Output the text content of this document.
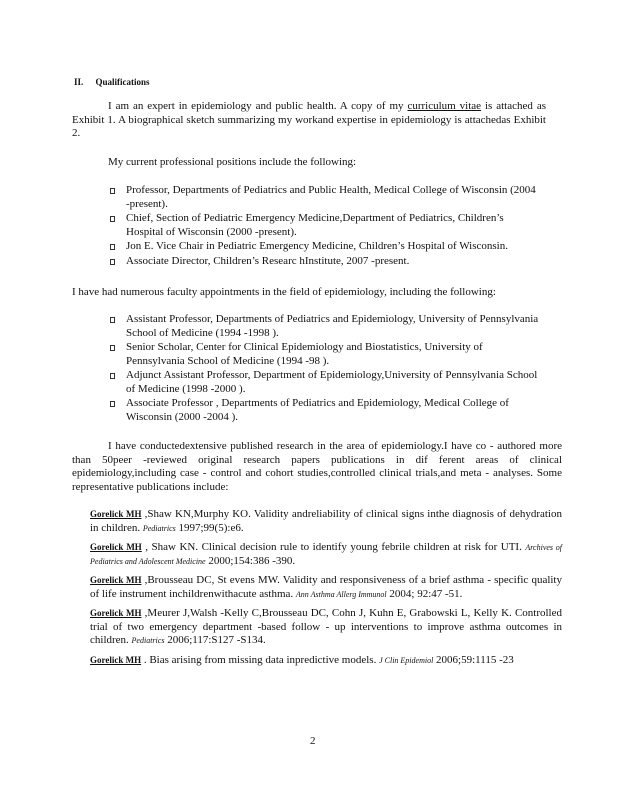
II. Qualifications
I am an expert in epidemiology and public health. A copy of my curriculum vitae is attached as Exhibit 1. A biographical sketch summarizing my workand expertise in epidemiology is attachedas Exhibit 2.
My current professional positions include the following:
Professor, Departments of Pediatrics and Public Health, Medical College of Wisconsin (2004 -present).
Chief, Section of Pediatric Emergency Medicine,Department of Pediatrics, Children’s Hospital of Wisconsin (2000 -present).
Jon E. Vice Chair in Pediatric Emergency Medicine, Children’s Hospital of Wisconsin.
Associate Director, Children’s Researc hInstitute, 2007 -present.
I have had numerous faculty appointments in the field of epidemiology, including the following:
Assistant Professor, Departments of Pediatrics and Epidemiology, University of Pennsylvania School of Medicine (1994 -1998 ).
Senior Scholar, Center for Clinical Epidemiology and Biostatistics, University of Pennsylvania School of Medicine (1994 -98 ).
Adjunct Assistant Professor, Department of Epidemiology,University of Pennsylvania School of Medicine (1998 -2000 ).
Associate Professor , Departments of Pediatrics and Epidemiology, Medical College of Wisconsin (2000 -2004 ).
I have conductedextensive published research in the area of epidemiology.I have co - authored more than 50peer -reviewed original research papers publications in dif ferent areas of clinical epidemiology,including case - control and cohort studies,controlled clinical trials,and meta - analyses. Some representative publications include:

Gorelick MH ,Shaw KN,Murphy KO. Validity andreliability of clinical signs inthe diagnosis of dehydration in children. Pediatrics 1997;99(5):e6.

Gorelick MH , Shaw KN. Clinical decision rule to identify young febrile children at risk for UTI. Archives of Pediatrics and Adolescent Medicine 2000;154:386 -390.

Gorelick MH ,Brousseau DC, St evens MW. Validity and responsiveness of a brief asthma - specific quality of life instrument inchildrenwithacute asthma. Ann Asthma Allerg Immunol 2004; 92:47 -51.

Gorelick MH ,Meurer J,Walsh -Kelly C,Brousseau DC, Cohn J, Kuhn E, Grabowski L, Kelly K. Controlled trial of two emergency department -based follow - up interventions to improve asthma outcomes in children. Pediatrics 2006;117:S127 -S134.

Gorelick MH . Bias arising from missing data inpredictive models. J Clin Epidemiol 2006;59:1115 -23

2
